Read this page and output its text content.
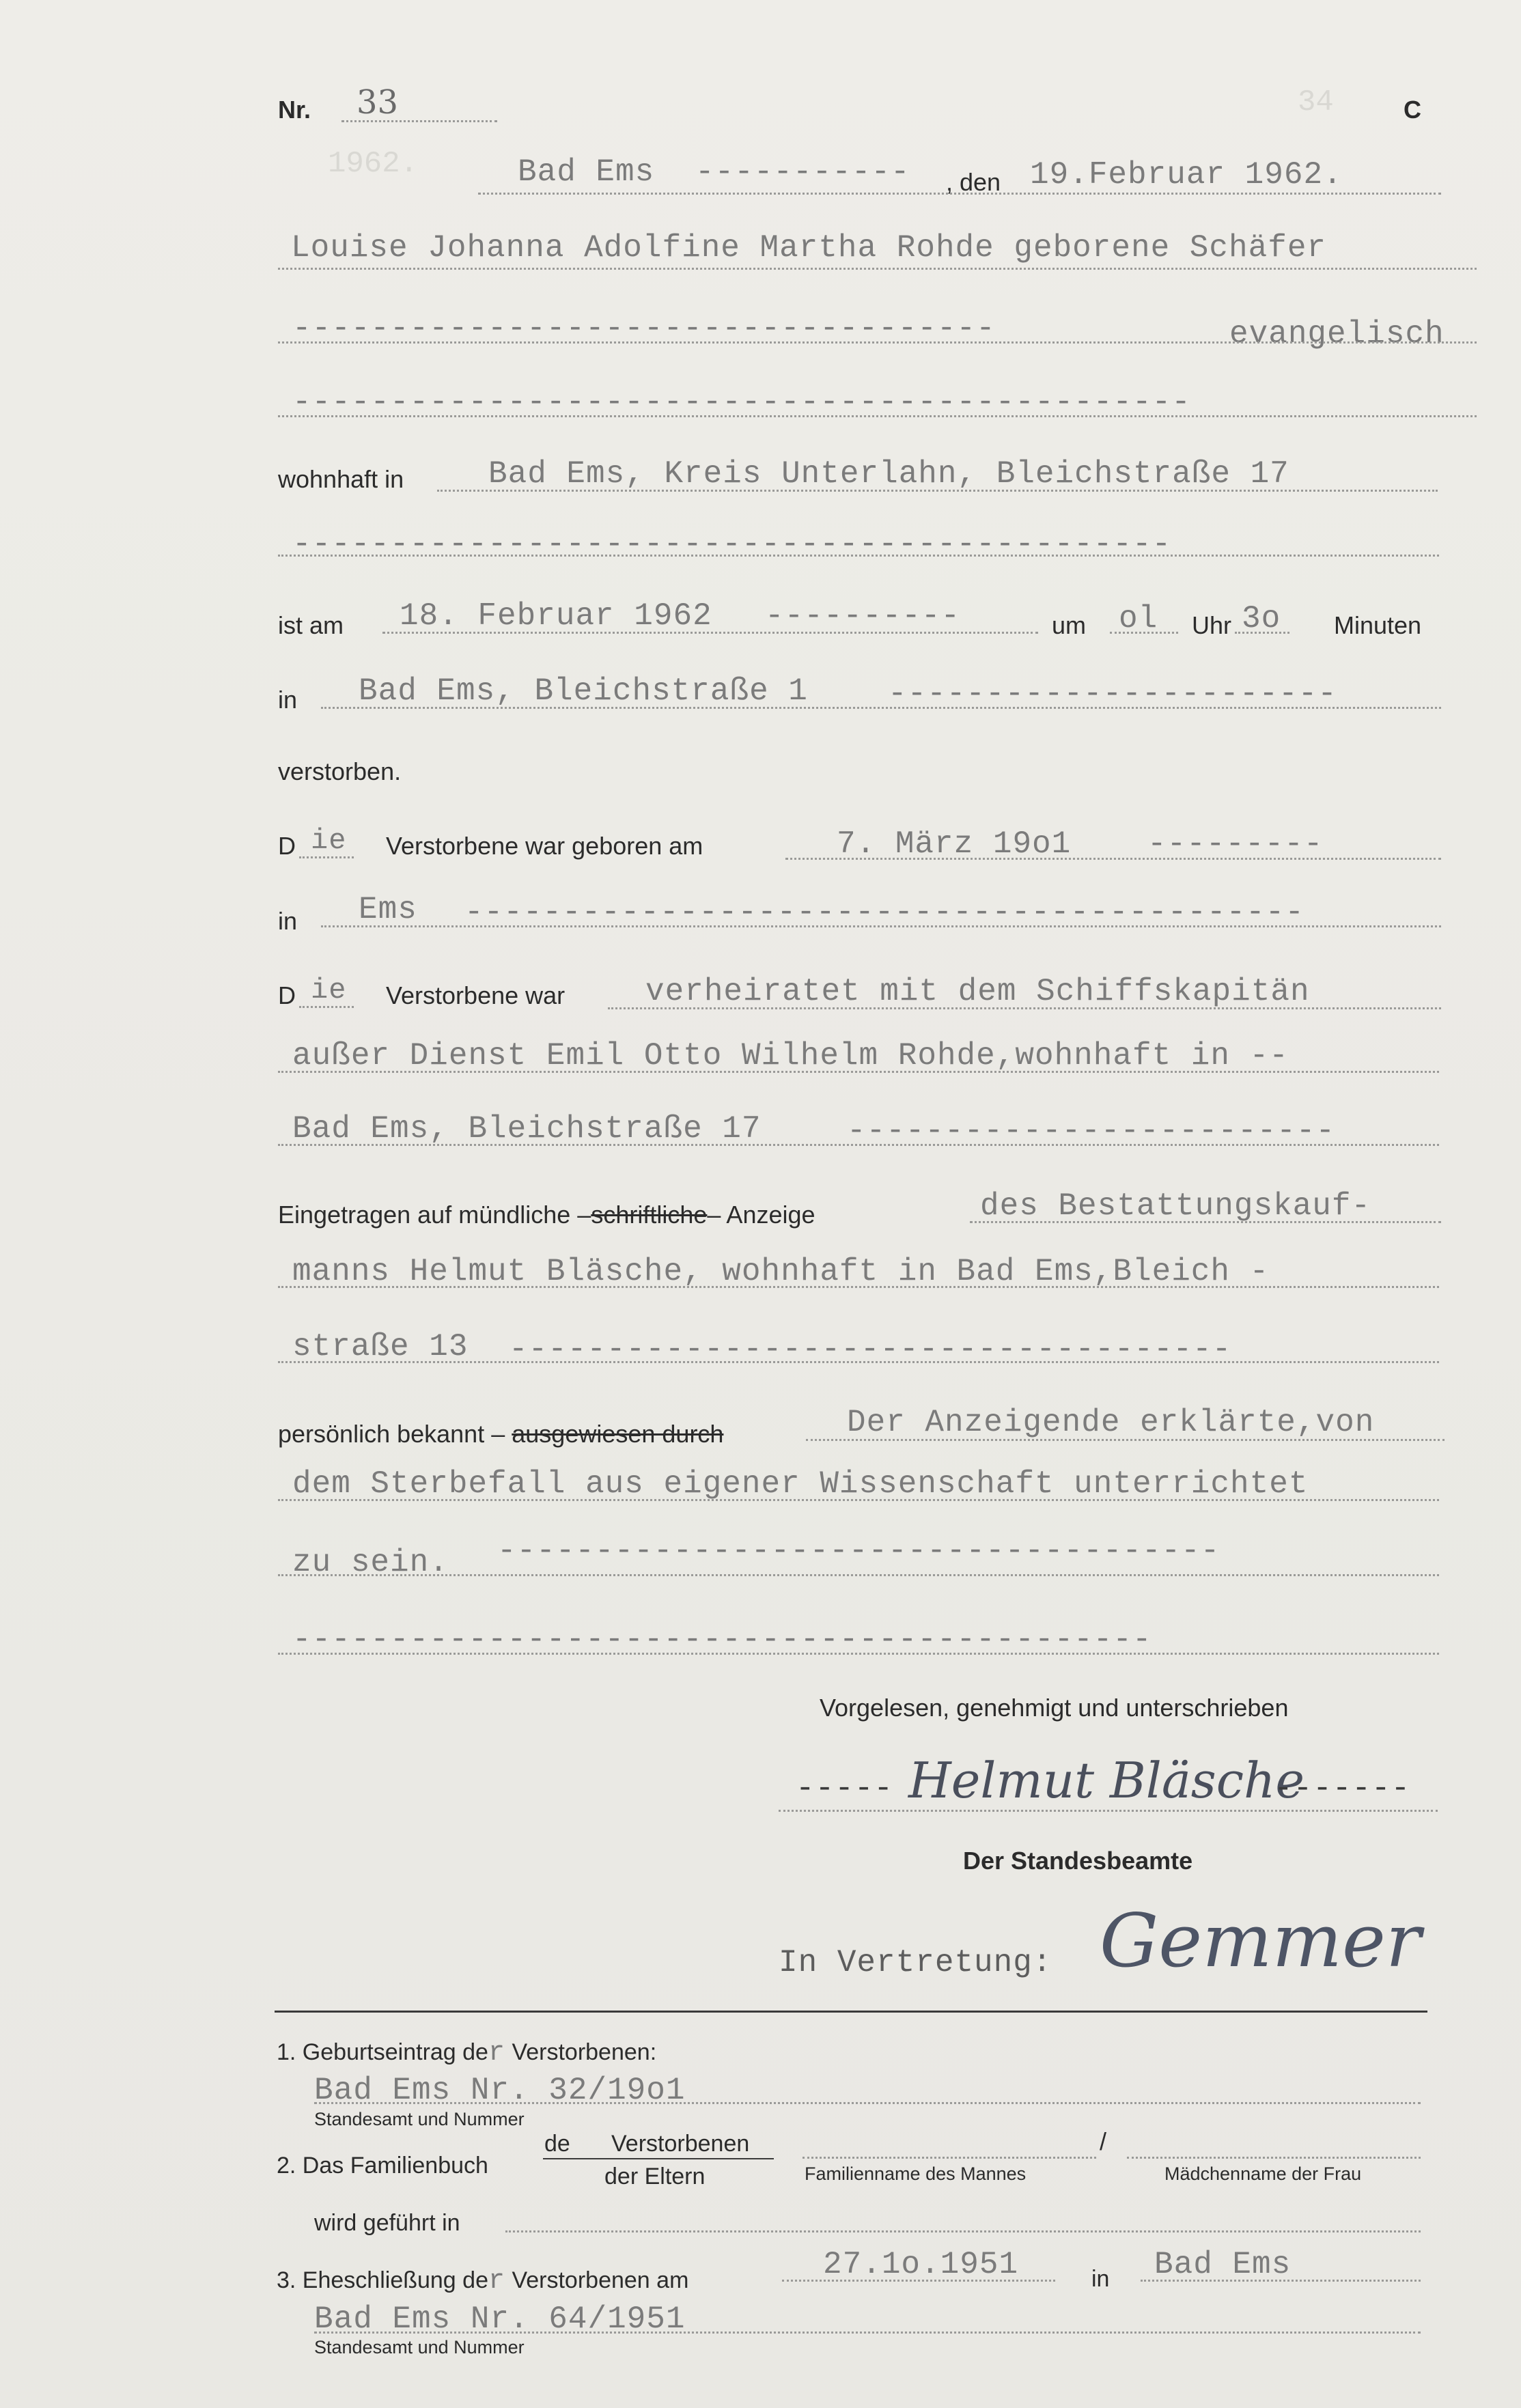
1962.
34
Nr. 33	C
Bad Ems ----------- , den 19.Februar 1962.
Louise Johanna Adolfine Martha Rohde geborene Schäfer
------------------------------------	evangelisch
----------------------------------------------
wohnhaft in	Bad Ems, Kreis Unterlahn, Bleichstraße 17
---------------------------------------------
ist am 18. Februar 1962 ----------	um ol Uhr 3o Minuten
in Bad Ems, Bleichstraße 1	-----------------------
verstorben.
D ie Verstorbene war geboren am	7. März 19o1 ---------
in Ems -------------------------------------------
D ie Verstorbene war	verheiratet mit dem Schiffskapitän
außer Dienst Emil Otto Wilhelm Rohde,wohnhaft in --
Bad Ems, Bleichstraße 17	-------------------------
Eingetragen auf mündliche –schriftliche– Anzeige	des Bestattungskauf-
manns Helmut Bläsche, wohnhaft in Bad Ems,Bleich -
straße 13 -------------------------------------
persönlich bekannt – ausgewiesen durch	Der Anzeigende erklärte,von
dem Sterbefall aus eigener Wissenschaft unterrichtet
zu sein. -------------------------------------
--------------------------------------------
Vorgelesen, genehmigt und unterschrieben
----- Helmut Bläsche
-------
Der Standesbeamte
In Vertretung: Gemmer
1. Geburtseintrag der Verstorbenen:
Bad Ems Nr. 32/19o1
Standesamt und Nummer
2. Das Familienbuch
de Verstorbenen
der Eltern
/
Familienname des Mannes	Mädchenname der Frau
wird geführt in
3. Eheschließung der Verstorbenen am	27.1o.1951	in Bad Ems
Bad Ems Nr. 64/1951
Standesamt und Nummer
